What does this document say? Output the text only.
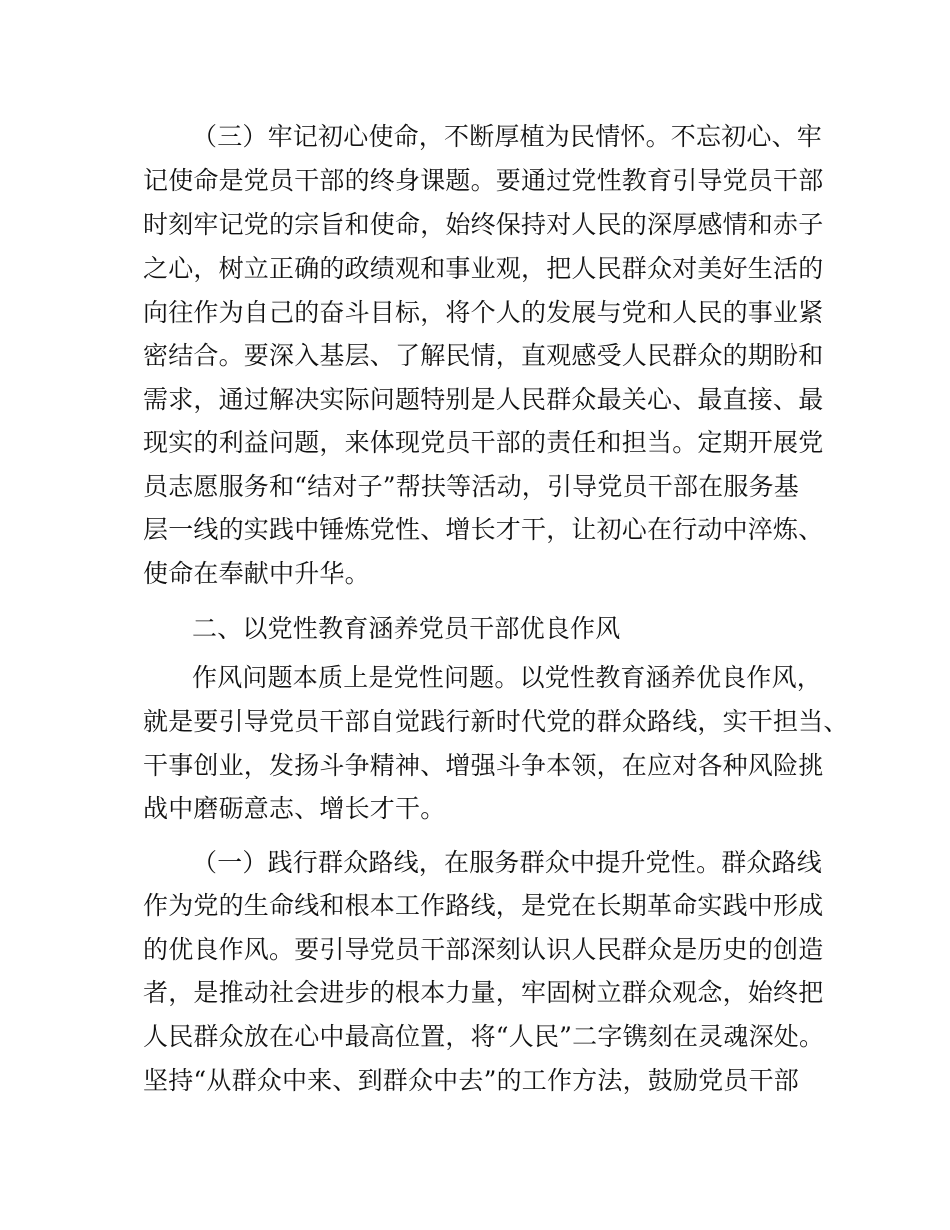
（三）牢记初心使命，不断厚植为民情怀。不忘初心、牢
记使命是党员干部的终身课题。要通过党性教育引导党员干部
时刻牢记党的宗旨和使命，始终保持对人民的深厚感情和赤子
之心，树立正确的政绩观和事业观，把人民群众对美好生活的
向往作为自己的奋斗目标，将个人的发展与党和人民的事业紧
密结合。要深入基层、了解民情，直观感受人民群众的期盼和
需求，通过解决实际问题特别是人民群众最关心、最直接、最
现实的利益问题，来体现党员干部的责任和担当。定期开展党
员志愿服务和“结对子”帮扶等活动，引导党员干部在服务基
层一线的实践中锤炼党性、增长才干，让初心在行动中淬炼、
使命在奉献中升华。
二、以党性教育涵养党员干部优良作风
作风问题本质上是党性问题。以党性教育涵养优良作风，
就是要引导党员干部自觉践行新时代党的群众路线，实干担当、
干事创业，发扬斗争精神、增强斗争本领，在应对各种风险挑
战中磨砺意志、增长才干。
（一）践行群众路线，在服务群众中提升党性。群众路线
作为党的生命线和根本工作路线，是党在长期革命实践中形成
的优良作风。要引导党员干部深刻认识人民群众是历史的创造
者，是推动社会进步的根本力量，牢固树立群众观念，始终把
人民群众放在心中最高位置，将“人民”二字镌刻在灵魂深处。
坚持“从群众中来、到群众中去”的工作方法，鼓励党员干部
